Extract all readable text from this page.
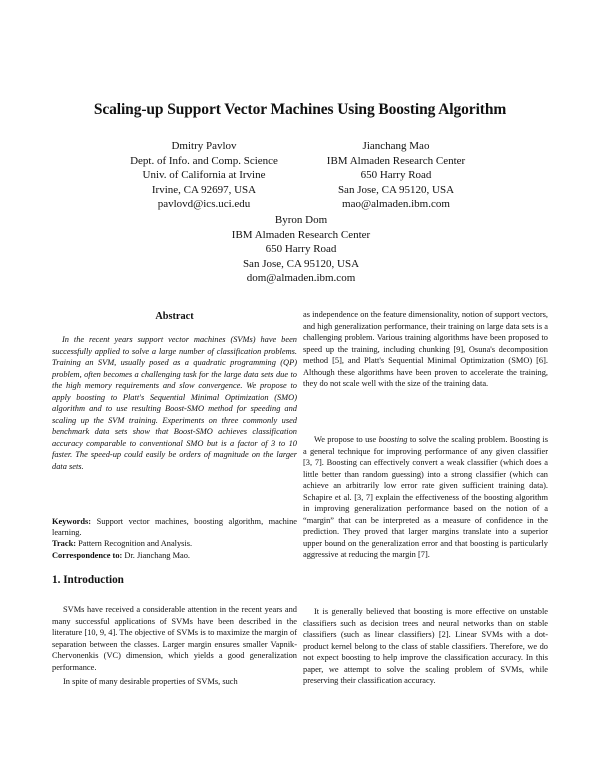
Scaling-up Support Vector Machines Using Boosting Algorithm
Dmitry Pavlov
Dept. of Info. and Comp. Science
Univ. of California at Irvine
Irvine, CA 92697, USA
pavlovd@ics.uci.edu
Jianchang Mao
IBM Almaden Research Center
650 Harry Road
San Jose, CA 95120, USA
mao@almaden.ibm.com
Byron Dom
IBM Almaden Research Center
650 Harry Road
San Jose, CA 95120, USA
dom@almaden.ibm.com
Abstract

In the recent years support vector machines (SVMs) have been successfully applied to solve a large number of classification problems. Training an SVM, usually posed as a quadratic programming (QP) problem, often becomes a challenging task for the large data sets due to the high memory requirements and slow convergence. We propose to apply boosting to Platt's Sequential Minimal Optimization (SMO) algorithm and to use resulting Boost-SMO method for speeding and scaling up the SVM training. Experiments on three commonly used benchmark data sets show that Boost-SMO achieves classification accuracy comparable to conventional SMO but is a factor of 3 to 10 faster. The speed-up could easily be orders of magnitude on the larger data sets.

Keywords: Support vector machines, boosting algorithm, machine learning.

Track: Pattern Recognition and Analysis.

Correspondence to: Dr. Jianchang Mao.

1. Introduction

SVMs have received a considerable attention in the recent years and many successful applications of SVMs have been described in the literature [10, 9, 4]. The objective of SVMs is to maximize the margin of separation between the classes. Larger margin ensures smaller Vapnik-Chervonenkis (VC) dimension, which yields a good generalization performance.

In spite of many desirable properties of SVMs, such

as independence on the feature dimensionality, notion of support vectors, and high generalization performance, their training on large data sets is a challenging problem. Various training algorithms have been proposed to speed up the training, including chunking [9], Osuna's decomposition method [5], and Platt's Sequential Minimal Optimization (SMO) [6]. Although these algorithms have been proven to accelerate the training, they do not scale well with the size of the training data.

We propose to use boosting to solve the scaling problem. Boosting is a general technique for improving performance of any given classifier [3, 7]. Boosting can effectively convert a weak classifier (which does a little better than random guessing) into a strong classifier (which can achieve an arbitrarily low error rate given sufficient training data). Schapire et al. [3, 7] explain the effectiveness of the boosting algorithm in improving generalization performance based on the notion of a “margin” that can be interpreted as a measure of confidence in the prediction. They proved that larger margins translate into a superior upper bound on the generalization error and that boosting is particularly aggressive at reducing the margin [7].

It is generally believed that boosting is more effective on unstable classifiers such as decision trees and neural networks than on stable classifiers (such as linear classifiers) [2]. Linear SVMs with a dot-product kernel belong to the class of stable classifiers. Therefore, we do not expect boosting to help improve the classification accuracy. In this paper, we attempt to solve the scaling problem of SVMs, while preserving their classification accuracy.
